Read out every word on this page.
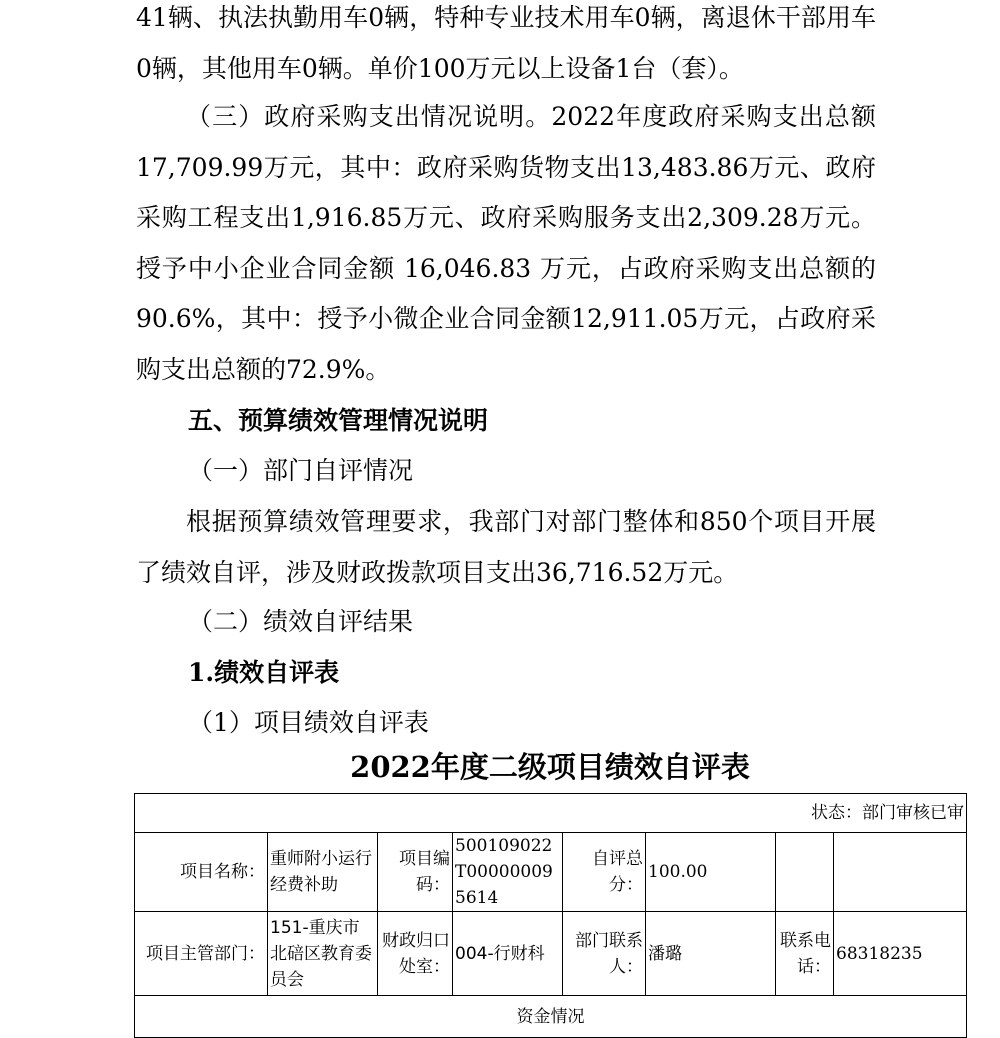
41辆、执法执勤用车0辆，特种专业技术用车0辆，离退休干部用车0辆，其他用车0辆。单价100万元以上设备1台（套）。

（三）政府采购支出情况说明。2022年度政府采购支出总额17,709.99万元，其中：政府采购货物支出13,483.86万元、政府采购工程支出1,916.85万元、政府采购服务支出2,309.28万元。授予中小企业合同金额 16,046.83 万元，占政府采购支出总额的90.6%，其中：授予小微企业合同金额12,911.05万元，占政府采购支出总额的72.9%。

五、预算绩效管理情况说明

（一）部门自评情况

根据预算绩效管理要求，我部门对部门整体和850个项目开展了绩效自评，涉及财政拨款项目支出36,716.52万元。

（二）绩效自评结果

1.绩效自评表

（1）项目绩效自评表

2022年度二级项目绩效自评表
状态：部门审核已审							
项目名称：	重师附小运行经费补助	项目编码：	500109022T000000095614	自评总分：	100.00		
项目主管部门：	151-重庆市北碚区教育委员会	财政归口处室：	004-行财科	部门联系人：	潘璐	联系电话：	68318235
资金情况							
